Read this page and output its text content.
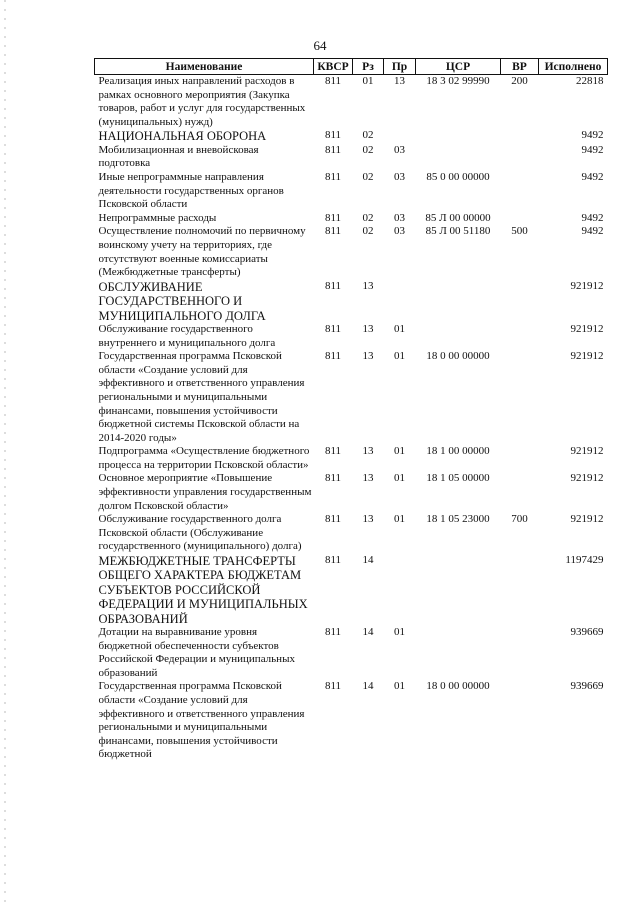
64
Наименование	КВСР	Рз	Пр	ЦСР	ВР	Исполнено
Реализация иных направлений расходов в рамках основного мероприятия (Закупка товаров, работ и услуг для государственных (муниципальных) нужд)	811	01	13	18 3 02 99990	200	22818
НАЦИОНАЛЬНАЯ ОБОРОНА	811	02				9492
Мобилизационная и вневойсковая подготовка	811	02	03			9492
Иные непрограммные направления деятельности государственных органов Псковской области	811	02	03	85 0 00 00000		9492
Непрограммные расходы	811	02	03	85 Л 00 00000		9492
Осуществление полномочий по первичному воинскому учету на территориях, где отсутствуют военные комиссариаты (Межбюджетные трансферты)	811	02	03	85 Л 00 51180	500	9492
ОБСЛУЖИВАНИЕ ГОСУДАРСТВЕННОГО И МУНИЦИПАЛЬНОГО ДОЛГА	811	13				921912
Обслуживание государственного внутреннего и муниципального долга	811	13	01			921912
Государственная программа Псковской области «Создание условий для эффективного и ответственного управления региональными и муниципальными финансами, повышения устойчивости бюджетной системы Псковской области на 2014-2020 годы»	811	13	01	18 0 00 00000		921912
Подпрограмма «Осуществление бюджетного процесса на территории Псковской области»	811	13	01	18 1 00 00000		921912
Основное мероприятие «Повышение эффективности управления государственным долгом Псковской области»	811	13	01	18 1 05 00000		921912
Обслуживание государственного долга Псковской области (Обслуживание государственного (муниципального) долга)	811	13	01	18 1 05 23000	700	921912
МЕЖБЮДЖЕТНЫЕ ТРАНСФЕРТЫ ОБЩЕГО ХАРАКТЕРА БЮДЖЕТАМ СУБЪЕКТОВ РОССИЙСКОЙ ФЕДЕРАЦИИ И МУНИЦИПАЛЬНЫХ ОБРАЗОВАНИЙ	811	14				1197429
Дотации на выравнивание уровня бюджетной обеспеченности субъектов Российской Федерации и муниципальных образований	811	14	01			939669
Государственная программа Псковской области «Создание условий для эффективного и ответственного управления региональными и муниципальными финансами, повышения устойчивости бюджетной	811	14	01	18 0 00 00000		939669
